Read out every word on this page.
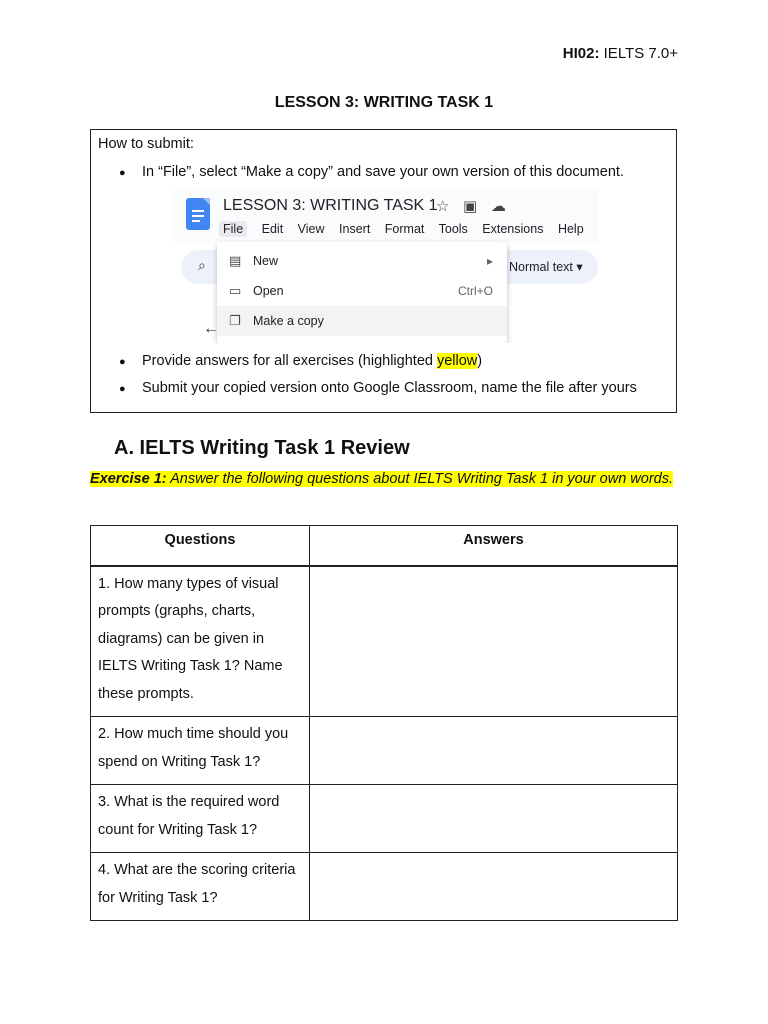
HI02: IELTS 7.0+
LESSON 3: WRITING TASK 1
How to submit:
In “File”, select “Make a copy” and save your own version of this document.
LESSON 3: WRITING TASK 1
☆ ▣ ☁
File Edit View Insert Format Tools Extensions Help
⌕	Normal text ▾
▤ New	▸
▭ Open	Ctrl+O
❐ Make a copy
←
Provide answers for all exercises (highlighted yellow)
Submit your copied version onto Google Classroom, name the file after yours
A. IELTS Writing Task 1 Review
Exercise 1: Answer the following questions about IELTS Writing Task 1 in your own words.
Questions	Answers
1. How many types of visual prompts (graphs, charts, diagrams) can be given in IELTS Writing Task 1? Name these prompts.	
2. How much time should you spend on Writing Task 1?	
3. What is the required word count for Writing Task 1?	
4. What are the scoring criteria for Writing Task 1?	
